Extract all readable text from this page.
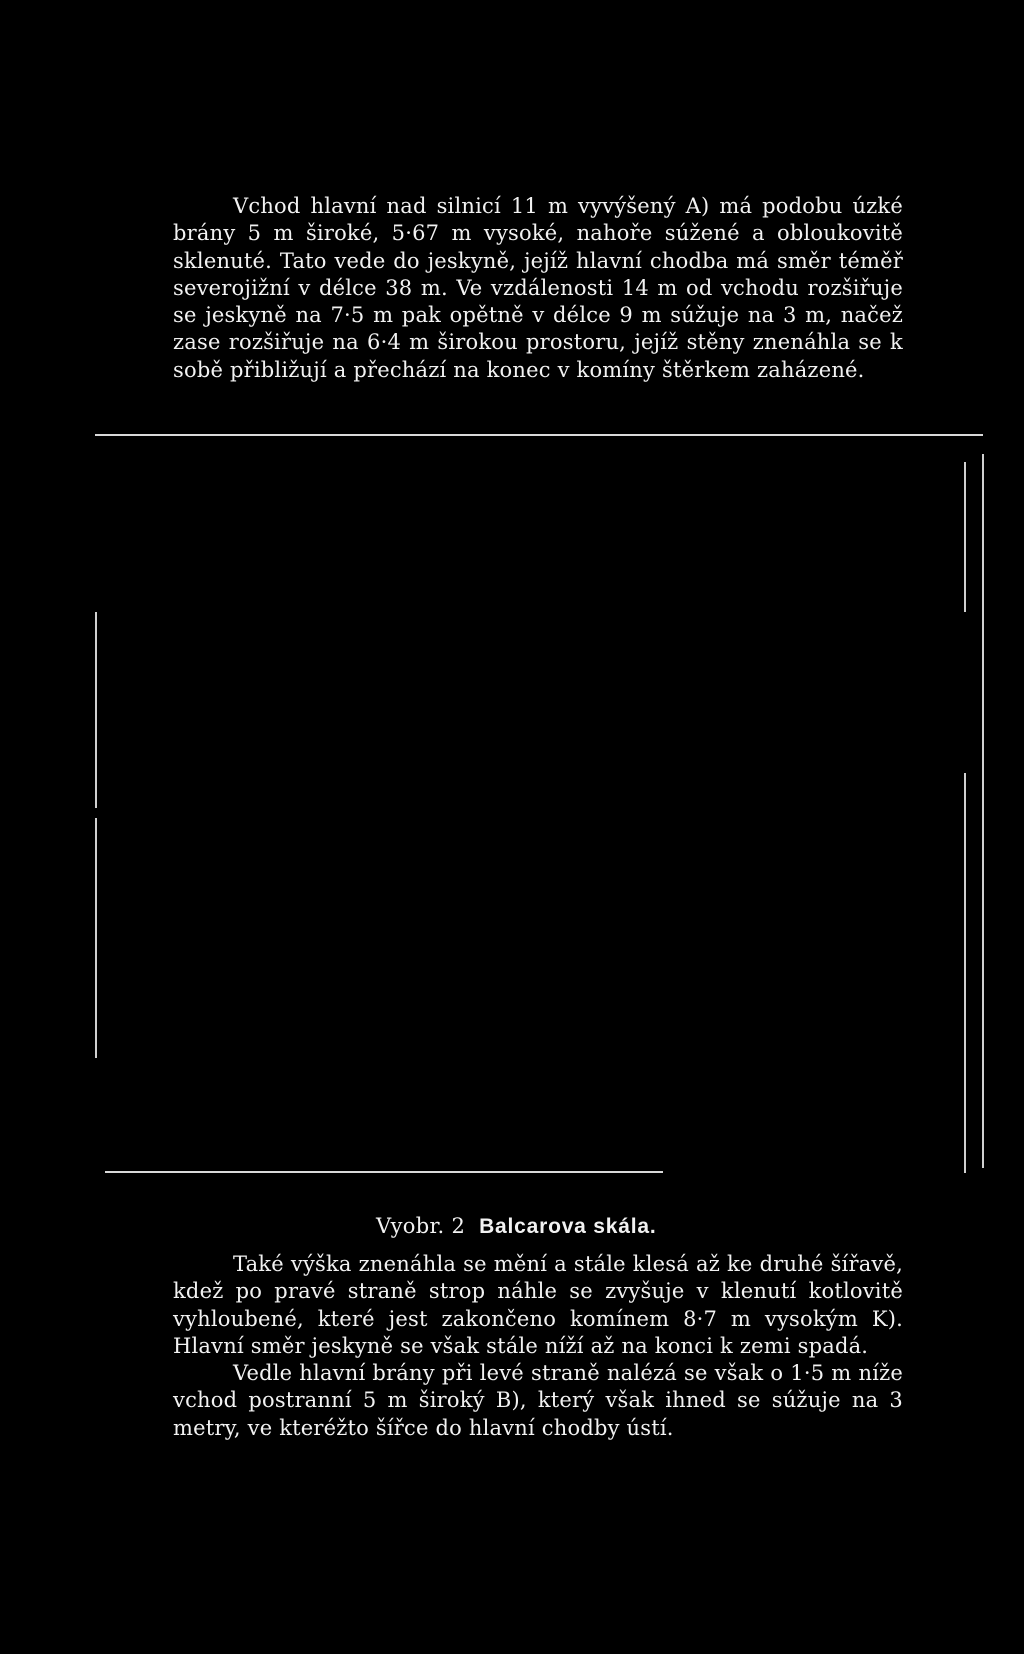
Vchod hlavní nad silnicí 11 m vyvýšený A) má podobu úzké brány 5 m široké, 5·67 m vysoké, nahoře súžené a obloukovitě sklenuté. Tato vede do jeskyně, jejíž hlavní chodba má směr téměř severojižní v délce 38 m. Ve vzdálenosti 14 m od vchodu rozšiřuje se jeskyně na 7·5 m pak opětně v délce 9 m súžuje na 3 m, načež zase rozšiřuje na 6·4 m širokou prostoru, jejíž stěny znenáhla se k sobě přibližují a přechází na konec v komíny štěrkem zaházené.

Vyobr. 2 Balcarova skála.

Také výška znenáhla se mění a stále klesá až ke druhé šířavě, kdež po pravé straně strop náhle se zvyšuje v klenutí kotlovitě vyhloubené, které jest zakončeno komínem 8·7 m vysokým K). Hlavní směr jeskyně se však stále níží až na konci k zemi spadá.

Vedle hlavní brány při levé straně nalézá se však o 1·5 m níže vchod postranní 5 m široký B), který však ihned se súžuje na 3 metry, ve kteréžto šířce do hlavní chodby ústí.
